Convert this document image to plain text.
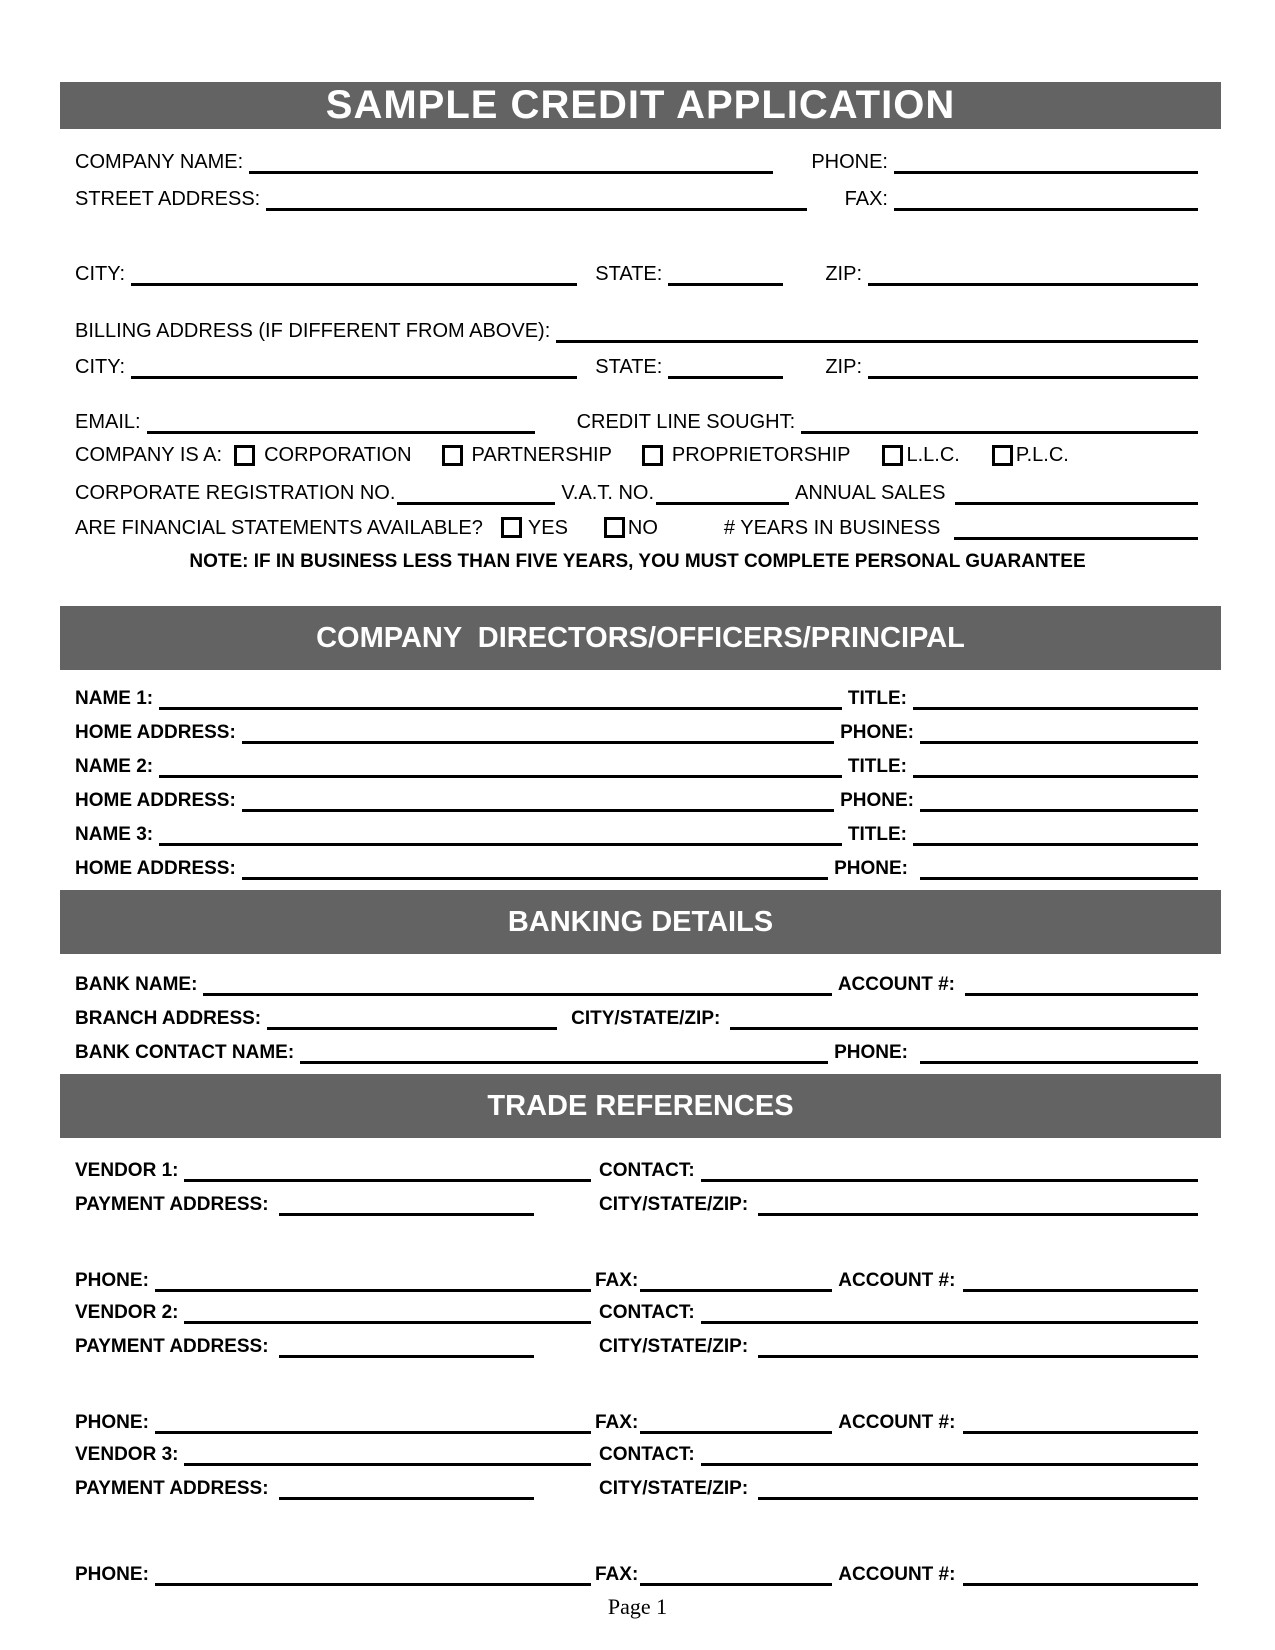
SAMPLE CREDIT APPLICATION
COMPANY NAME:	PHONE:
STREET ADDRESS:	FAX:
CITY:	STATE:	ZIP:
BILLING ADDRESS (IF DIFFERENT FROM ABOVE):
CITY:	STATE:	ZIP:
EMAIL:	CREDIT LINE SOUGHT:
COMPANY IS A: CORPORATION	PARTNERSHIP	PROPRIETORSHIP	L.L.C.	P.L.C.
CORPORATE REGISTRATION NO.	V.A.T. NO.	ANNUAL SALES
ARE FINANCIAL STATEMENTS AVAILABLE? YES	NO	# YEARS IN BUSINESS
NOTE: IF IN BUSINESS LESS THAN FIVE YEARS, YOU MUST COMPLETE PERSONAL GUARANTEE
COMPANY  DIRECTORS/OFFICERS/PRINCIPAL
NAME 1:	TITLE:
HOME ADDRESS:	PHONE:
NAME 2:	TITLE:
HOME ADDRESS:	PHONE:
NAME 3:	TITLE:
HOME ADDRESS:	PHONE:
BANKING DETAILS
BANK NAME:	ACCOUNT #:
BRANCH ADDRESS:	CITY/STATE/ZIP:
BANK CONTACT NAME:	PHONE:
TRADE REFERENCES
VENDOR 1:	CONTACT:
PAYMENT ADDRESS:	CITY/STATE/ZIP:
PHONE:	FAX:	ACCOUNT #:
VENDOR 2:	CONTACT:
PAYMENT ADDRESS:	CITY/STATE/ZIP:
PHONE:	FAX:	ACCOUNT #:
VENDOR 3:	CONTACT:
PAYMENT ADDRESS:	CITY/STATE/ZIP:
PHONE:	FAX:	ACCOUNT #:
Page 1
